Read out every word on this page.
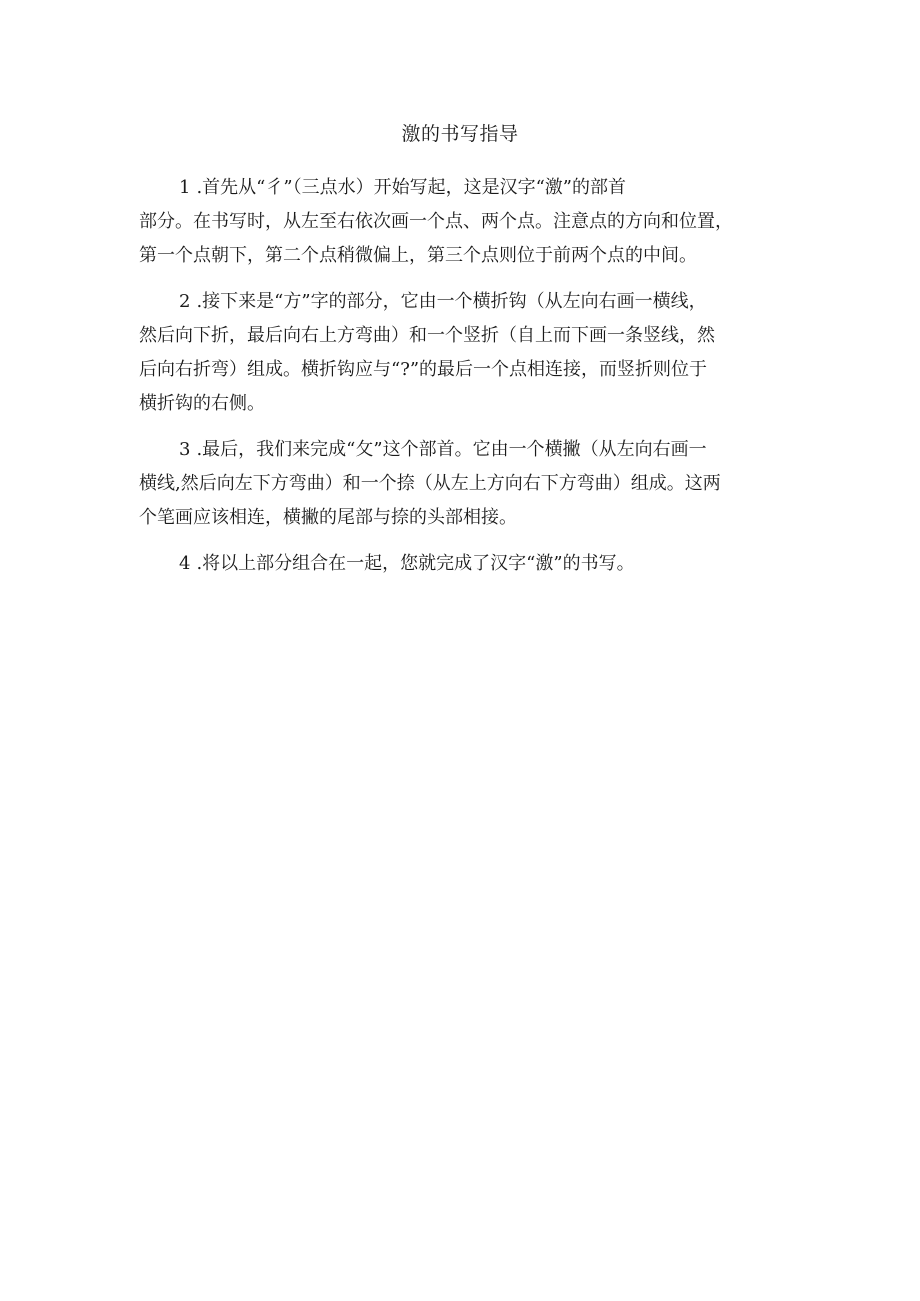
激的书写指导
1 .首先从“彳”（三点水）开始写起，这是汉字“激”的部首
部分。在书写时，从左至右依次画一个点、两个点。注意点的方向和位置，
第一个点朝下，第二个点稍微偏上，第三个点则位于前两个点的中间。
2 .接下来是“方”字的部分，它由一个横折钩（从左向右画一横线，
然后向下折，最后向右上方弯曲）和一个竖折（自上而下画一条竖线，然
后向右折弯）组成。横折钩应与“?”的最后一个点相连接，而竖折则位于
横折钩的右侧。
3 .最后，我们来完成“攵”这个部首。它由一个横撇（从左向右画一
横线,然后向左下方弯曲）和一个捺（从左上方向右下方弯曲）组成。这两
个笔画应该相连，横撇的尾部与捺的头部相接。
4 .将以上部分组合在一起，您就完成了汉字“激”的书写。
